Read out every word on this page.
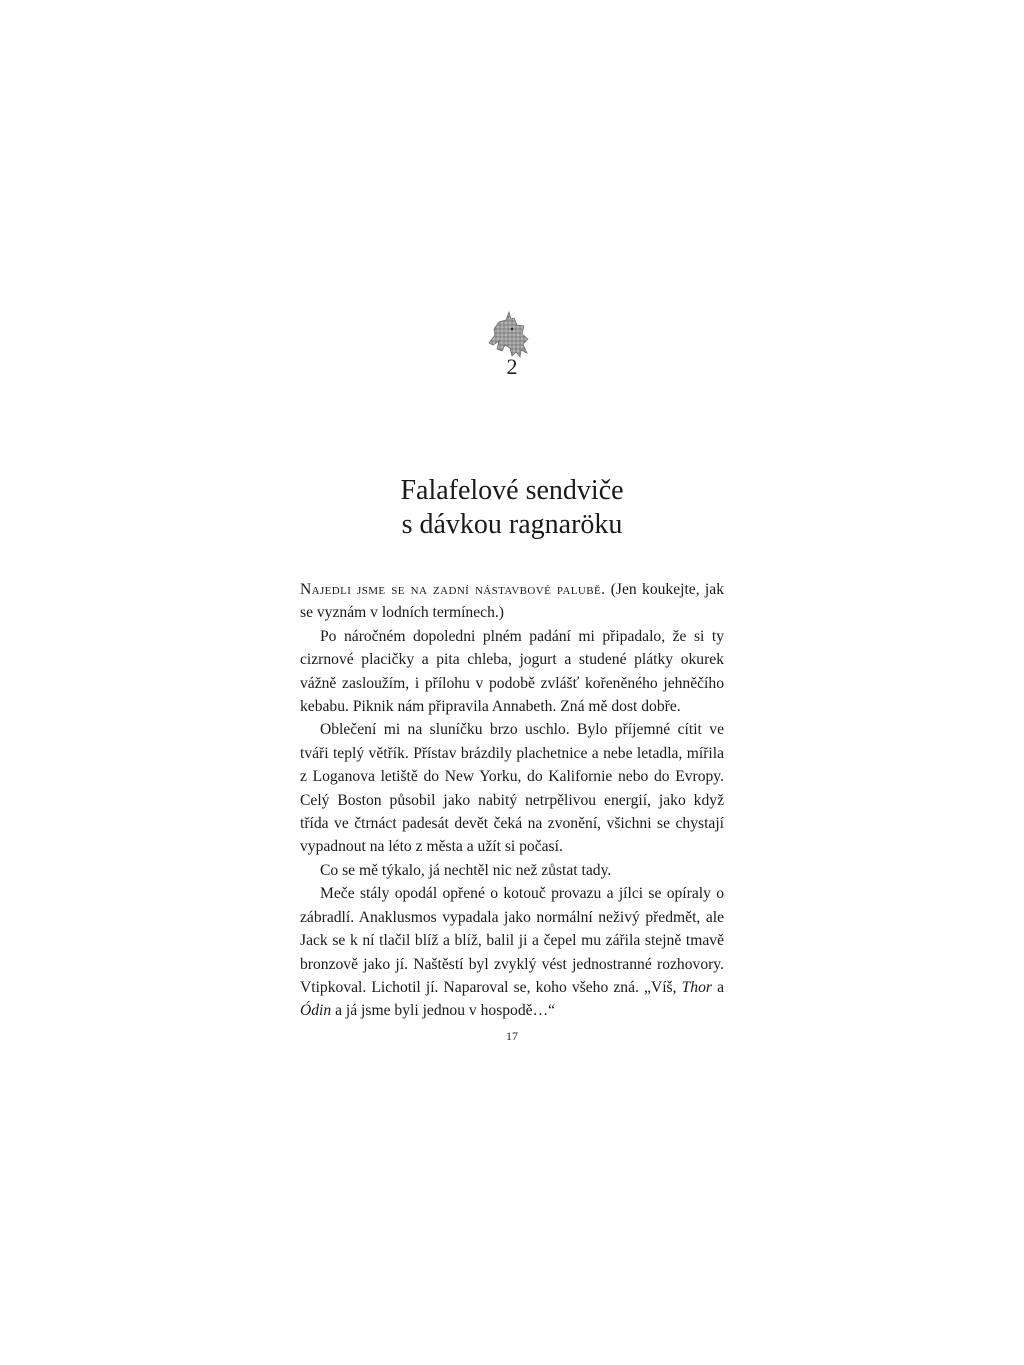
2
Falafelové sendviče
s dávkou ragnaröku

Najedli jsme se na zadní nástavbové palubě. (Jen koukejte, jak se vyznám v lodních termínech.)

Po náročném dopoledni plném padání mi připadalo, že si ty cizrnové placičky a pita chleba, jogurt a studené plátky okurek vážně zasloužím, i přílohu v podobě zvlášť kořeněného jehněčího kebabu. Piknik nám připravila Annabeth. Zná mě dost dobře.

Oblečení mi na sluníčku brzo uschlo. Bylo příjemné cítit ve tváři teplý větřík. Přístav brázdily plachetnice a nebe letadla, mířila z Loganova letiště do New Yorku, do Kalifornie nebo do Evropy. Celý Boston působil jako nabitý netrpělivou energií, jako když třída ve čtrnáct padesát devět čeká na zvonění, všichni se chystají vypadnout na léto z města a užít si počasí.

Co se mě týkalo, já nechtěl nic než zůstat tady.

Meče stály opodál opřené o kotouč provazu a jílci se opíraly o zábradlí. Anaklusmos vypadala jako normální neživý předmět, ale Jack se k ní tlačil blíž a blíž, balil ji a čepel mu zářila stejně tmavě bronzově jako jí. Naštěstí byl zvyklý vést jednostranné rozhovory. Vtipkoval. Lichotil jí. Naparoval se, koho všeho zná. „Víš, Thor a Ódin a já jsme byli jednou v hospodě…“

17
